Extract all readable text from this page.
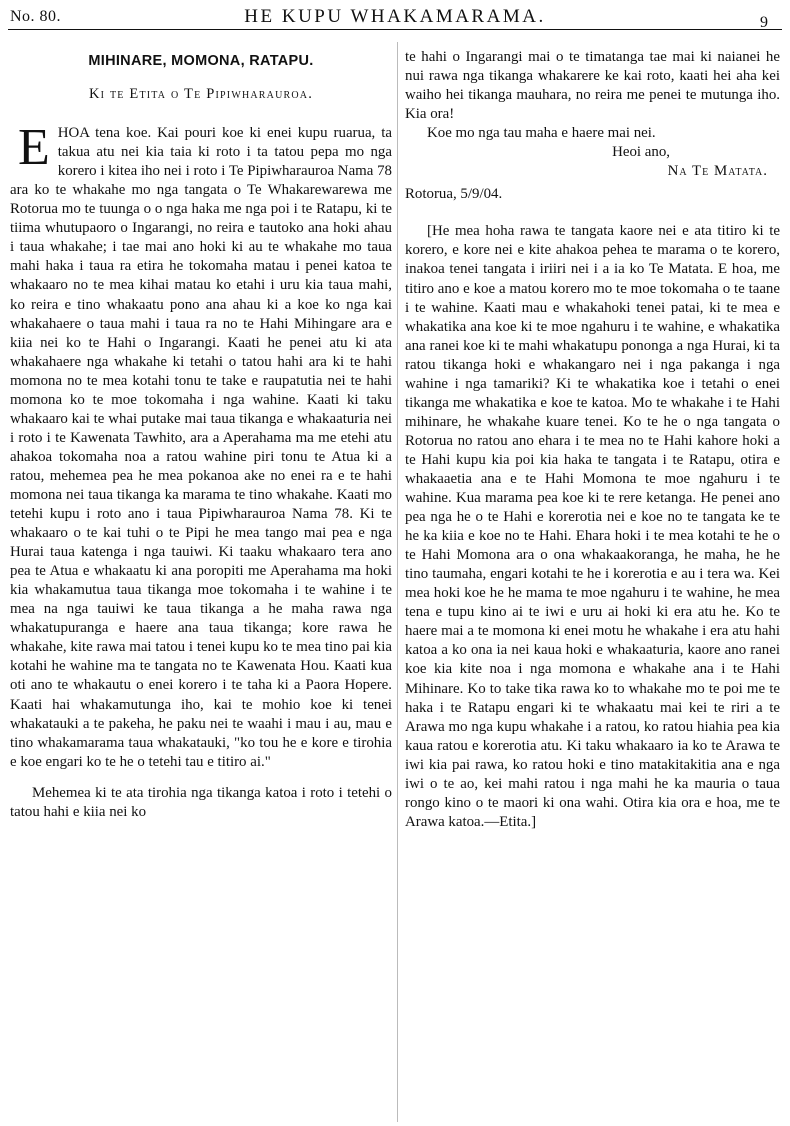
No. 80.	HE KUPU WHAKAMARAMA.	9
MIHINARE, MOMONA, RATAPU.
Ki te Etita o Te Pipiwharauroa.

EHOA tena koe. Kai pouri koe ki enei kupu ruarua, ta takua atu nei kia taia ki roto i ta tatou pepa mo nga korero i kitea iho nei i roto i Te Pipiwharauroa Nama 78 ara ko te whakahe mo nga tangata o Te Whakarewarewa me Rotorua mo te tuunga o o nga haka me nga poi i te Ratapu, ki te tiima whutupaoro o Ingarangi, no reira e tautoko ana hoki ahau i taua whakahe; i tae mai ano hoki ki au te whakahe mo taua mahi haka i taua ra etira he tokomaha matau i penei katoa te whakaaro no te mea kihai matau ko etahi i uru kia taua mahi, ko reira e tino whakaatu pono ana ahau ki a koe ko nga kai whakahaere o taua mahi i taua ra no te Hahi Mihingare ara e kiia nei ko te Hahi o Ingarangi. Kaati he penei atu ki ata whakahaere nga whakahe ki tetahi o tatou hahi ara ki te hahi momona no te mea kotahi tonu te take e raupatutia nei te hahi momona ko te moe tokomaha i nga wahine. Kaati ki taku whakaaro kai te whai putake mai taua tikanga e whakaaturia nei i roto i te Kawenata Tawhito, ara a Aperahama ma me etehi atu ahakoa tokomaha noa a ratou wahine piri tonu te Atua ki a ratou, mehemea pea he mea pokanoa ake no enei ra e te hahi momona nei taua tikanga ka marama te tino whakahe. Kaati mo tetehi kupu i roto ano i taua Pipiwharauroa Nama 78. Ki te whakaaro o te kai tuhi o te Pipi he mea tango mai pea e nga Hurai taua katenga i nga tauiwi. Ki taaku whakaaro tera ano pea te Atua e whakaatu ki ana poropiti me Aperahama ma hoki kia whakamutua taua tikanga moe tokomaha i te wahine i te mea na nga tauiwi ke taua tikanga a he maha rawa nga whakatupuranga e haere ana taua tikanga; kore rawa he whakahe, kite rawa mai tatou i tenei kupu ko te mea tino pai kia kotahi he wahine ma te tangata no te Kawenata Hou. Kaati kua oti ano te whakautu o enei korero i te taha ki a Paora Hopere. Kaati hai whakamutunga iho, kai te mohio koe ki tenei whakatauki a te pakeha, he paku nei te waahi i mau i au, mau e tino whakamarama taua whakatauki, "ko tou he e kore e tirohia e koe engari ko te he o tetehi tau e titiro ai."

Mehemea ki te ata tirohia nga tikanga katoa i roto i tetehi o tatou hahi e kiia nei ko

te hahi o Ingarangi mai o te timatanga tae mai ki naianei he nui rawa nga tikanga whakarere ke kai roto, kaati hei aha kei waiho hei tikanga mauhara, no reira me penei te mutunga iho. Kia ora!

Koe mo nga tau maha e haere mai nei.

Heoi ano,

Na Te Matata.

Rotorua, 5/9/04.

[He mea hoha rawa te tangata kaore nei e ata titiro ki te korero, e kore nei e kite ahakoa pehea te marama o te korero, inakoa tenei tangata i iriiri nei i a ia ko Te Matata. E hoa, me titiro ano e koe a matou korero mo te moe tokomaha o te taane i te wahine. Kaati mau e whakahoki tenei patai, ki te mea e whakatika ana koe ki te moe ngahuru i te wahine, e whakatika ana ranei koe ki te mahi whakatupu pononga a nga Hurai, ki ta ratou tikanga hoki e whakangaro nei i nga pakanga i nga wahine i nga tamariki? Ki te whakatika koe i tetahi o enei tikanga me whakatika e koe te katoa. Mo te whakahe i te Hahi mihinare, he whakahe kuare tenei. Ko te he o nga tangata o Rotorua no ratou ano ehara i te mea no te Hahi kahore hoki a te Hahi kupu kia poi kia haka te tangata i te Ratapu, otira e whakaaetia ana e te Hahi Momona te moe ngahuru i te wahine. Kua marama pea koe ki te rere ketanga. He penei ano pea nga he o te Hahi e korerotia nei e koe no te tangata ke te he ka kiia e koe no te Hahi. Ehara hoki i te mea kotahi te he o te Hahi Momona ara o ona whakaakoranga, he maha, he he tino taumaha, engari kotahi te he i korerotia e au i tera wa. Kei mea hoki koe he he mama te moe ngahuru i te wahine, he mea tena e tupu kino ai te iwi e uru ai hoki ki era atu he. Ko te haere mai a te momona ki enei motu he whakahe i era atu hahi katoa a ko ona ia nei kaua hoki e whakaaturia, kaore ano ranei koe kia kite noa i nga momona e whakahe ana i te Hahi Mihinare. Ko to take tika rawa ko to whakahe mo te poi me te haka i te Ratapu engari ki te whakaatu mai kei te riri a te Arawa mo nga kupu whakahe i a ratou, ko ratou hiahia pea kia kaua ratou e korerotia atu. Ki taku whakaaro ia ko te Arawa te iwi kia pai rawa, ko ratou hoki e tino matakitakitia ana e nga iwi o te ao, kei mahi ratou i nga mahi he ka mauria o taua rongo kino o te maori ki ona wahi. Otira kia ora e hoa, me te Arawa katoa.—Etita.]
